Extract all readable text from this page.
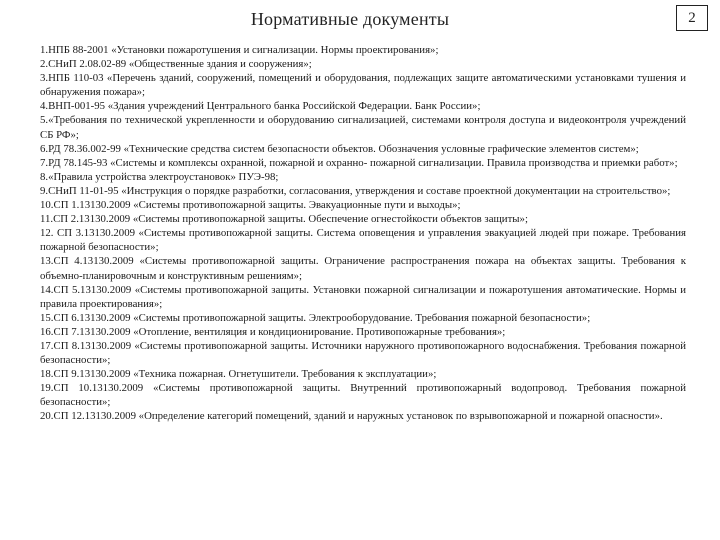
Нормативные документы	2
1.НПБ 88-2001 «Установки пожаротушения и сигнализации. Нормы проектирования»;
2.СНиП 2.08.02-89 «Общественные здания и сооружения»;
3.НПБ 110-03 «Перечень зданий, сооружений, помещений и оборудования, подлежащих защите автоматическими установками тушения и обнаружения пожара»;
4.ВНП-001-95 «Здания учреждений Центрального банка Российской Федерации. Банк России»;
5.«Требования по технической укрепленности и оборудованию сигнализацией, системами контроля доступа и видеоконтроля учреждений СБ РФ»;
6.РД 78.36.002-99 «Технические средства систем безопасности объектов. Обозначения условные графические элементов систем»;
7.РД 78.145-93 «Системы и комплексы охранной, пожарной и охранно- пожарной сигнализации. Правила производства и приемки работ»;
8.«Правила устройства электроустановок» ПУЭ-98;
9.СНиП 11-01-95 «Инструкция о порядке разработки, согласования, утверждения и составе проектной документации на строительство»;
10.СП 1.13130.2009 «Системы противопожарной защиты. Эвакуационные пути и выходы»;
11.СП 2.13130.2009 «Системы противопожарной защиты. Обеспечение огнестойкости объектов защиты»;
12. СП 3.13130.2009 «Системы противопожарной защиты. Система оповещения и управления эвакуацией людей при пожаре. Требования пожарной безопасности»;
13.СП 4.13130.2009 «Системы противопожарной защиты. Ограничение распространения пожара на объектах защиты. Требования к объемно-планировочным и конструктивным решениям»;
14.СП 5.13130.2009 «Системы противопожарной защиты. Установки пожарной сигнализации и пожаротушения автоматические. Нормы и правила проектирования»;
15.СП 6.13130.2009 «Системы противопожарной защиты. Электрооборудование. Требования пожарной безопасности»;
16.СП 7.13130.2009 «Отопление, вентиляция и кондиционирование. Противопожарные требования»;
17.СП 8.13130.2009 «Системы противопожарной защиты. Источники наружного противопожарного водоснабжения. Требования пожарной безопасности»;
18.СП 9.13130.2009 «Техника пожарная. Огнетушители. Требования к эксплуатации»;
19.СП 10.13130.2009 «Системы противопожарной защиты. Внутренний противопожарный водопровод. Требования пожарной безопасности»;
20.СП 12.13130.2009 «Определение категорий помещений, зданий и наружных установок по взрывопожарной и пожарной опасности».
